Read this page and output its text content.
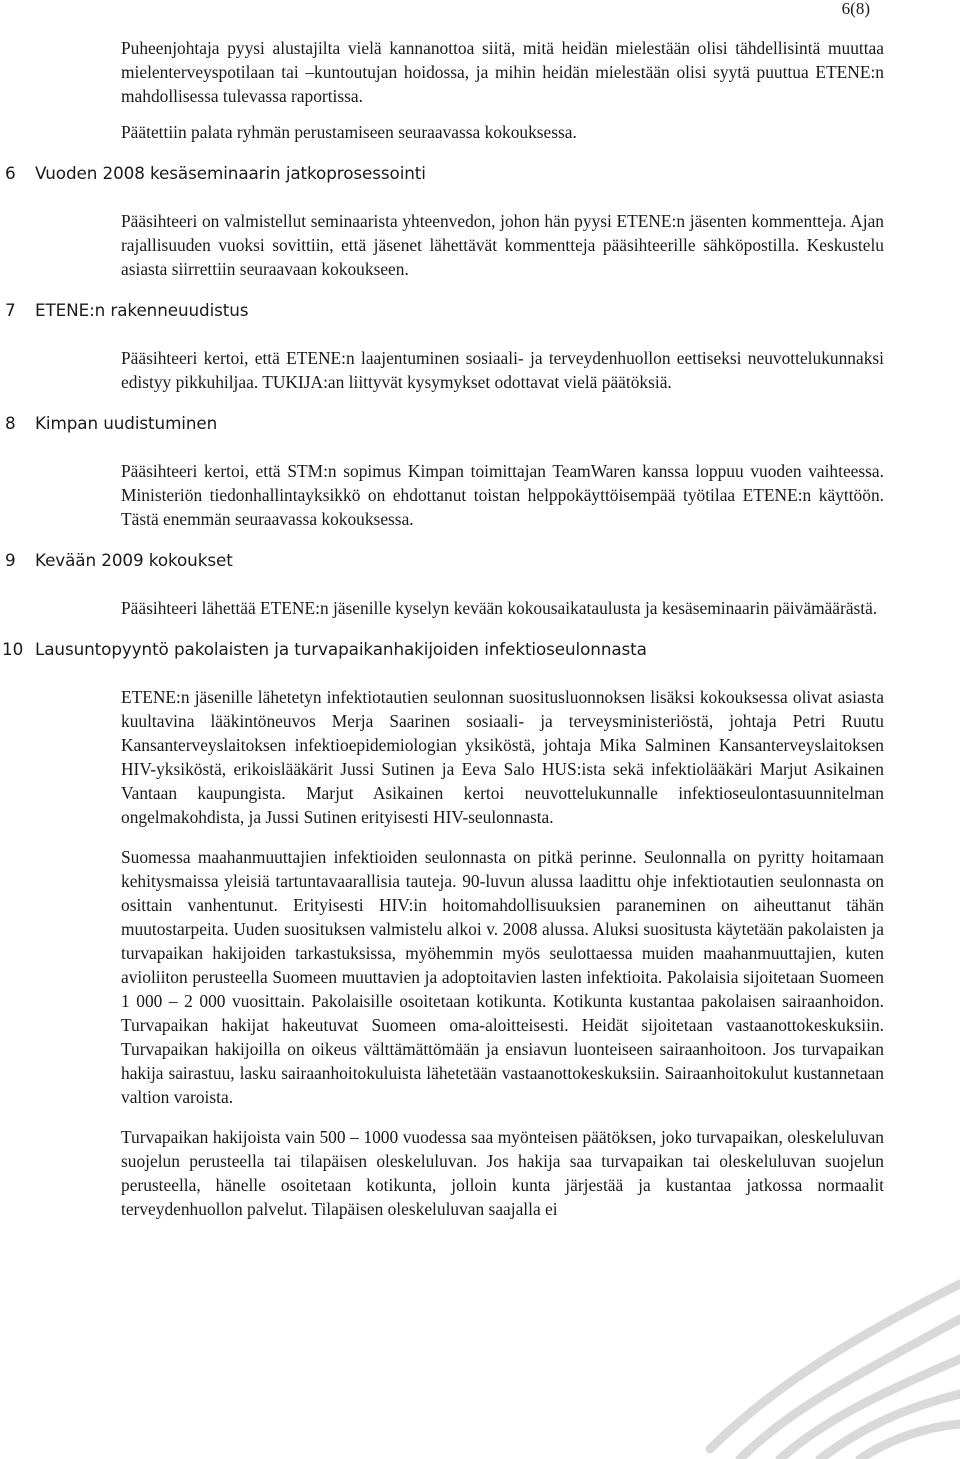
6(8)

Puheenjohtaja pyysi alustajilta vielä kannanottoa siitä, mitä heidän mielestään olisi tähdellisintä muuttaa mielenterveyspotilaan tai –kuntoutujan hoidossa, ja mihin heidän mielestään olisi syytä puuttua ETENE:n mahdollisessa tulevassa raportissa.

Päätettiin palata ryhmän perustamiseen seuraavassa kokouksessa.

6	Vuoden 2008 kesäseminaarin jatkoprosessointi

Pääsihteeri on valmistellut seminaarista yhteenvedon, johon hän pyysi ETENE:n jäsenten kommentteja. Ajan rajallisuuden vuoksi sovittiin, että jäsenet lähettävät kommentteja pääsihteerille sähköpostilla. Keskustelu asiasta siirrettiin seuraavaan kokoukseen.

7	ETENE:n rakenneuudistus

Pääsihteeri kertoi, että ETENE:n laajentuminen sosiaali- ja terveydenhuollon eettiseksi neuvottelukunnaksi edistyy pikkuhiljaa. TUKIJA:an liittyvät kysymykset odottavat vielä päätöksiä.

8	Kimpan uudistuminen

Pääsihteeri kertoi, että STM:n sopimus Kimpan toimittajan TeamWaren kanssa loppuu vuoden vaihteessa. Ministeriön tiedonhallintayksikkö on ehdottanut toistan helppokäyttöisempää työtilaa ETENE:n käyttöön. Tästä enemmän seuraavassa kokouksessa.

9	Kevään 2009 kokoukset

Pääsihteeri lähettää ETENE:n jäsenille kyselyn kevään kokousaikataulusta ja kesäseminaarin päivämäärästä.

10 Lausuntopyyntö pakolaisten ja turvapaikanhakijoiden infektioseulonnasta

ETENE:n jäsenille lähetetyn infektiotautien seulonnan suositusluonnoksen lisäksi kokouksessa olivat asiasta kuultavina lääkintöneuvos Merja Saarinen sosiaali- ja terveysministeriöstä, johtaja Petri Ruutu Kansanterveyslaitoksen infektioepidemiologian yksiköstä, johtaja Mika Salminen Kansanterveyslaitoksen HIV-yksiköstä, erikoislääkärit Jussi Sutinen ja Eeva Salo HUS:ista sekä infektiolääkäri Marjut Asikainen Vantaan kaupungista. Marjut Asikainen kertoi neuvottelukunnalle infektioseulontasuunnitelman ongelmakohdista, ja Jussi Sutinen erityisesti HIV-seulonnasta.

Suomessa maahanmuuttajien infektioiden seulonnasta on pitkä perinne. Seulonnalla on pyritty hoitamaan kehitysmaissa yleisiä tartuntavaarallisia tauteja. 90-luvun alussa laadittu ohje infektiotautien seulonnasta on osittain vanhentunut. Erityisesti HIV:in hoitomahdollisuuksien paraneminen on aiheuttanut tähän muutostarpeita. Uuden suosituksen valmistelu alkoi v. 2008 alussa. Aluksi suositusta käytetään pakolaisten ja turvapaikan hakijoiden tarkastuksissa, myöhemmin myös seulottaessa muiden maahanmuuttajien, kuten avioliiton perusteella Suomeen muuttavien ja adoptoitavien lasten infektioita. Pakolaisia sijoitetaan Suomeen 1 000 – 2 000 vuosittain. Pakolaisille osoitetaan kotikunta. Kotikunta kustantaa pakolaisen sairaanhoidon. Turvapaikan hakijat hakeutuvat Suomeen oma-aloitteisesti. Heidät sijoitetaan vastaanottokeskuksiin. Turvapaikan hakijoilla on oikeus välttämättömään ja ensiavun luonteiseen sairaanhoitoon. Jos turvapaikan hakija sairastuu, lasku sairaanhoitokuluista lähetetään vastaanottokeskuksiin. Sairaanhoitokulut kustannetaan valtion varoista.

Turvapaikan hakijoista vain 500 – 1000 vuodessa saa myönteisen päätöksen, joko turvapaikan, oleskeluluvan suojelun perusteella tai tilapäisen oleskeluluvan. Jos hakija saa turvapaikan tai oleskeluluvan suojelun perusteella, hänelle osoitetaan kotikunta, jolloin kunta järjestää ja kustantaa jatkossa normaalit terveydenhuollon palvelut. Tilapäisen oleskeluluvan saajalla ei
